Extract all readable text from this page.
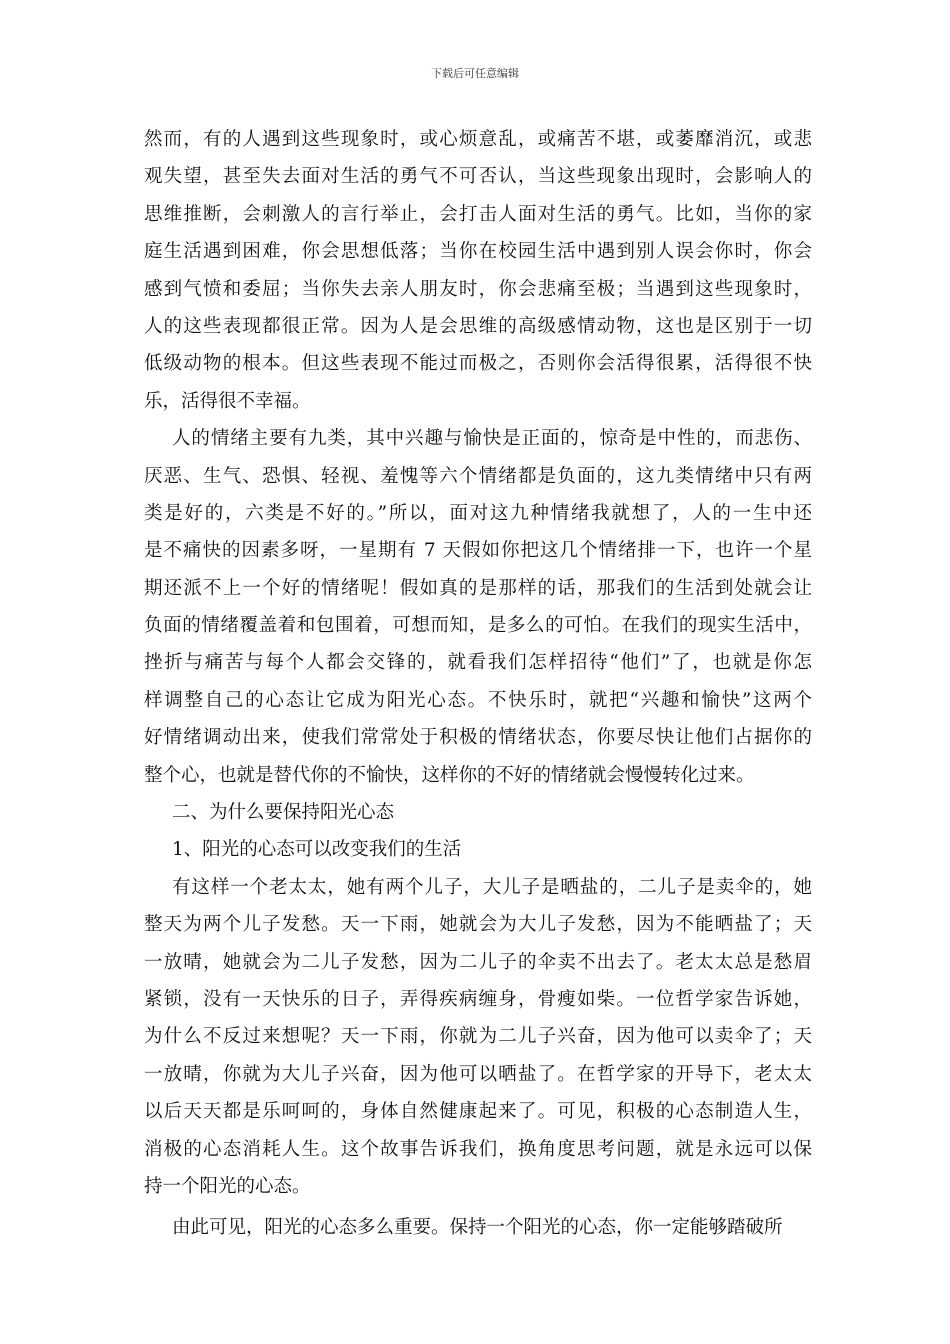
下载后可任意编辑
然而，有的人遇到这些现象时，或心烦意乱，或痛苦不堪，或萎靡消沉，或悲
观失望，甚至失去面对生活的勇气不可否认，当这些现象出现时，会影响人的
思维推断，会刺激人的言行举止，会打击人面对生活的勇气。比如，当你的家
庭生活遇到困难，你会思想低落；当你在校园生活中遇到别人误会你时，你会
感到气愤和委屈；当你失去亲人朋友时，你会悲痛至极；当遇到这些现象时，
人的这些表现都很正常。因为人是会思维的高级感情动物，这也是区别于一切
低级动物的根本。但这些表现不能过而极之，否则你会活得很累，活得很不快
乐，活得很不幸福。
人的情绪主要有九类，其中兴趣与愉快是正面的，惊奇是中性的，而悲伤、
厌恶、生气、恐惧、轻视、羞愧等六个情绪都是负面的，这九类情绪中只有两
类是好的，六类是不好的。”所以，面对这九种情绪我就想了，人的一生中还
是不痛快的因素多呀，一星期有 7 天假如你把这几个情绪排一下，也许一个星
期还派不上一个好的情绪呢！假如真的是那样的话，那我们的生活到处就会让
负面的情绪覆盖着和包围着，可想而知，是多么的可怕。在我们的现实生活中，
挫折与痛苦与每个人都会交锋的，就看我们怎样招待“他们”了，也就是你怎
样调整自己的心态让它成为阳光心态。不快乐时，就把“兴趣和愉快”这两个
好情绪调动出来，使我们常常处于积极的情绪状态，你要尽快让他们占据你的
整个心，也就是替代你的不愉快，这样你的不好的情绪就会慢慢转化过来。
二、为什么要保持阳光心态
1、阳光的心态可以改变我们的生活
有这样一个老太太，她有两个儿子，大儿子是晒盐的，二儿子是卖伞的，她
整天为两个儿子发愁。天一下雨，她就会为大儿子发愁，因为不能晒盐了；天
一放晴，她就会为二儿子发愁，因为二儿子的伞卖不出去了。老太太总是愁眉
紧锁，没有一天快乐的日子，弄得疾病缠身，骨瘦如柴。一位哲学家告诉她，
为什么不反过来想呢？天一下雨，你就为二儿子兴奋，因为他可以卖伞了；天
一放晴，你就为大儿子兴奋，因为他可以晒盐了。在哲学家的开导下，老太太
以后天天都是乐呵呵的，身体自然健康起来了。可见，积极的心态制造人生，
消极的心态消耗人生。这个故事告诉我们，换角度思考问题，就是永远可以保
持一个阳光的心态。
由此可见，阳光的心态多么重要。保持一个阳光的心态，你一定能够踏破所
